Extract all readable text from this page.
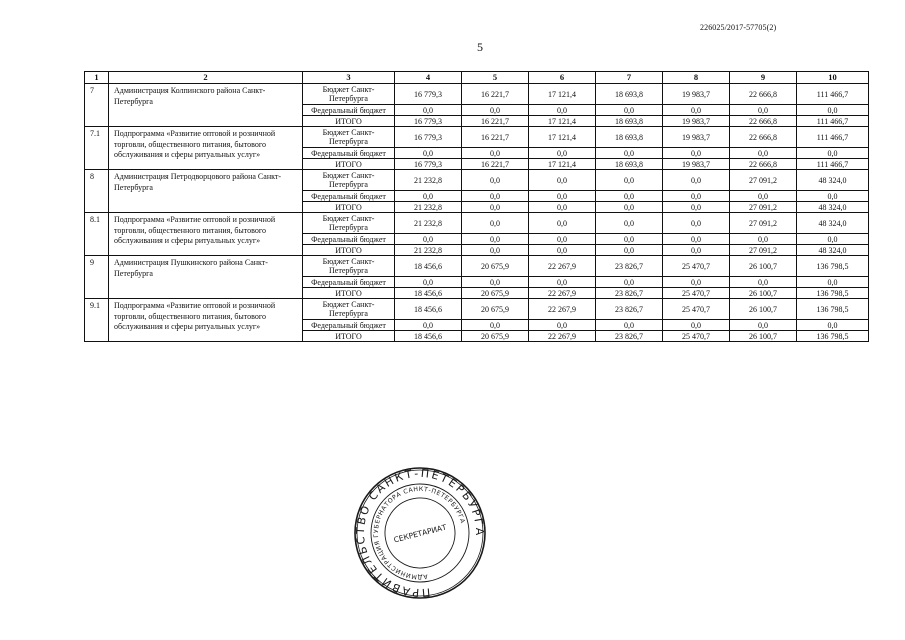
226025/2017-57705(2)
5
1	2	3	4	5	6	7	8	9	10
7	Администрация Колпинского района Санкт-Петербурга	Бюджет Санкт-Петербурга	16 779,3	16 221,7	17 121,4	18 693,8	19 983,7	22 666,8	111 466,7
		Федеральный бюджет	0,0	0,0	0,0	0,0	0,0	0,0	0,0
		ИТОГО	16 779,3	16 221,7	17 121,4	18 693,8	19 983,7	22 666,8	111 466,7
7.1	Подпрограмма «Развитие оптовой и розничной торговли, общественного питания, бытового обслуживания и сферы ритуальных услуг»	Бюджет Санкт-Петербурга	16 779,3	16 221,7	17 121,4	18 693,8	19 983,7	22 666,8	111 466,7
		Федеральный бюджет	0,0	0,0	0,0	0,0	0,0	0,0	0,0
		ИТОГО	16 779,3	16 221,7	17 121,4	18 693,8	19 983,7	22 666,8	111 466,7
8	Администрация Петродворцового района Санкт-Петербурга	Бюджет Санкт-Петербурга	21 232,8	0,0	0,0	0,0	0,0	27 091,2	48 324,0
		Федеральный бюджет	0,0	0,0	0,0	0,0	0,0	0,0	0,0
		ИТОГО	21 232,8	0,0	0,0	0,0	0,0	27 091,2	48 324,0
8.1	Подпрограмма «Развитие оптовой и розничной торговли, общественного питания, бытового обслуживания и сферы ритуальных услуг»	Бюджет Санкт-Петербурга	21 232,8	0,0	0,0	0,0	0,0	27 091,2	48 324,0
		Федеральный бюджет	0,0	0,0	0,0	0,0	0,0	0,0	0,0
		ИТОГО	21 232,8	0,0	0,0	0,0	0,0	27 091,2	48 324,0
9	Администрация Пушкинского района Санкт-Петербурга	Бюджет Санкт-Петербурга	18 456,6	20 675,9	22 267,9	23 826,7	25 470,7	26 100,7	136 798,5
		Федеральный бюджет	0,0	0,0	0,0	0,0	0,0	0,0	0,0
		ИТОГО	18 456,6	20 675,9	22 267,9	23 826,7	25 470,7	26 100,7	136 798,5
9.1	Подпрограмма «Развитие оптовой и розничной торговли, общественного питания, бытового обслуживания и сферы ритуальных услуг»	Бюджет Санкт-Петербурга	18 456,6	20 675,9	22 267,9	23 826,7	25 470,7	26 100,7	136 798,5
		Федеральный бюджет	0,0	0,0	0,0	0,0	0,0	0,0	0,0
		ИТОГО	18 456,6	20 675,9	22 267,9	23 826,7	25 470,7	26 100,7	136 798,5
ПРАВИТЕЛЬСТВО САНКТ-ПЕТЕРБУРГА
АДМИНИСТРАЦИЯ ГУБЕРНАТОРА САНКТ-ПЕТЕРБУРГА
СЕКРЕТАРИАТ
